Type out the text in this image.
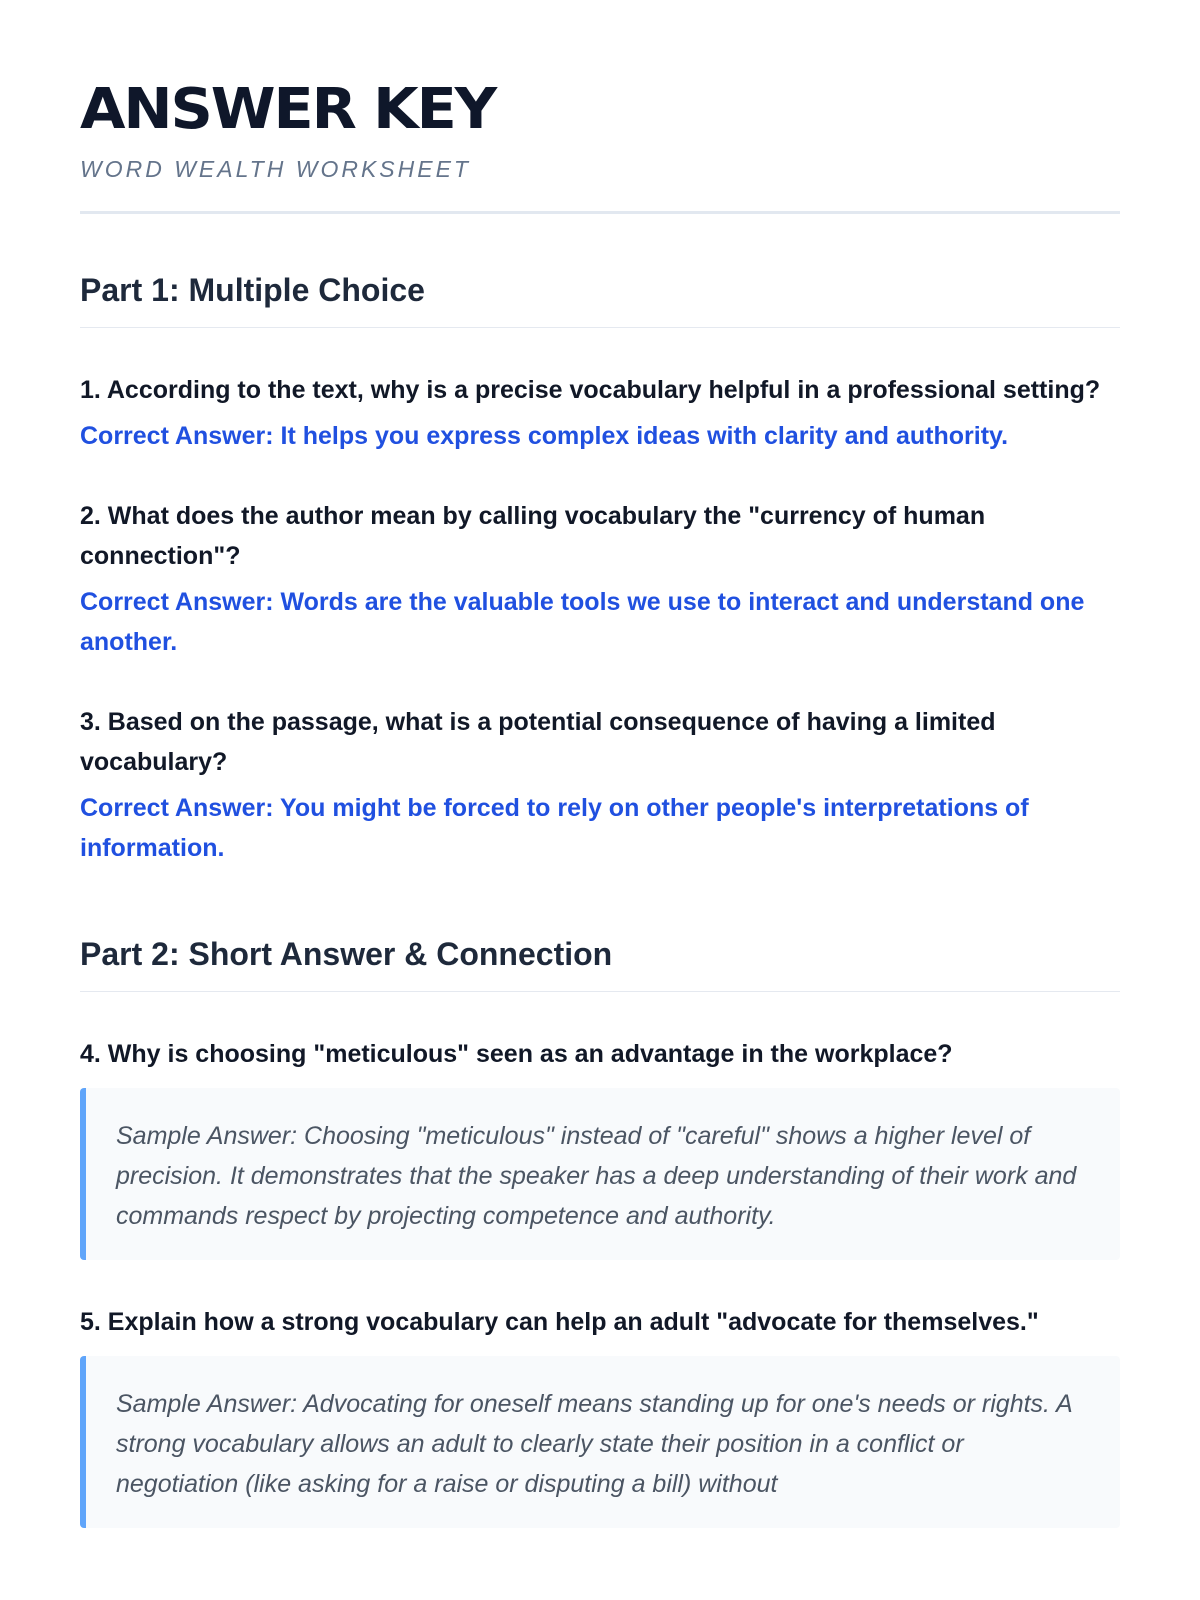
ANSWER KEY
WORD WEALTH WORKSHEET
Part 1: Multiple Choice
1. According to the text, why is a precise vocabulary helpful in a professional setting?
Correct Answer: It helps you express complex ideas with clarity and authority.
2. What does the author mean by calling vocabulary the "currency of human connection"?
Correct Answer: Words are the valuable tools we use to interact and understand one another.
3. Based on the passage, what is a potential consequence of having a limited vocabulary?
Correct Answer: You might be forced to rely on other people's interpretations of information.
Part 2: Short Answer & Connection
4. Why is choosing "meticulous" seen as an advantage in the workplace?
Sample Answer: Choosing "meticulous" instead of "careful" shows a higher level of precision. It demonstrates that the speaker has a deep understanding of their work and commands respect by projecting competence and authority.
5. Explain how a strong vocabulary can help an adult "advocate for themselves."
Sample Answer: Advocating for oneself means standing up for one's needs or rights. A strong vocabulary allows an adult to clearly state their position in a conflict or negotiation (like asking for a raise or disputing a bill) without
